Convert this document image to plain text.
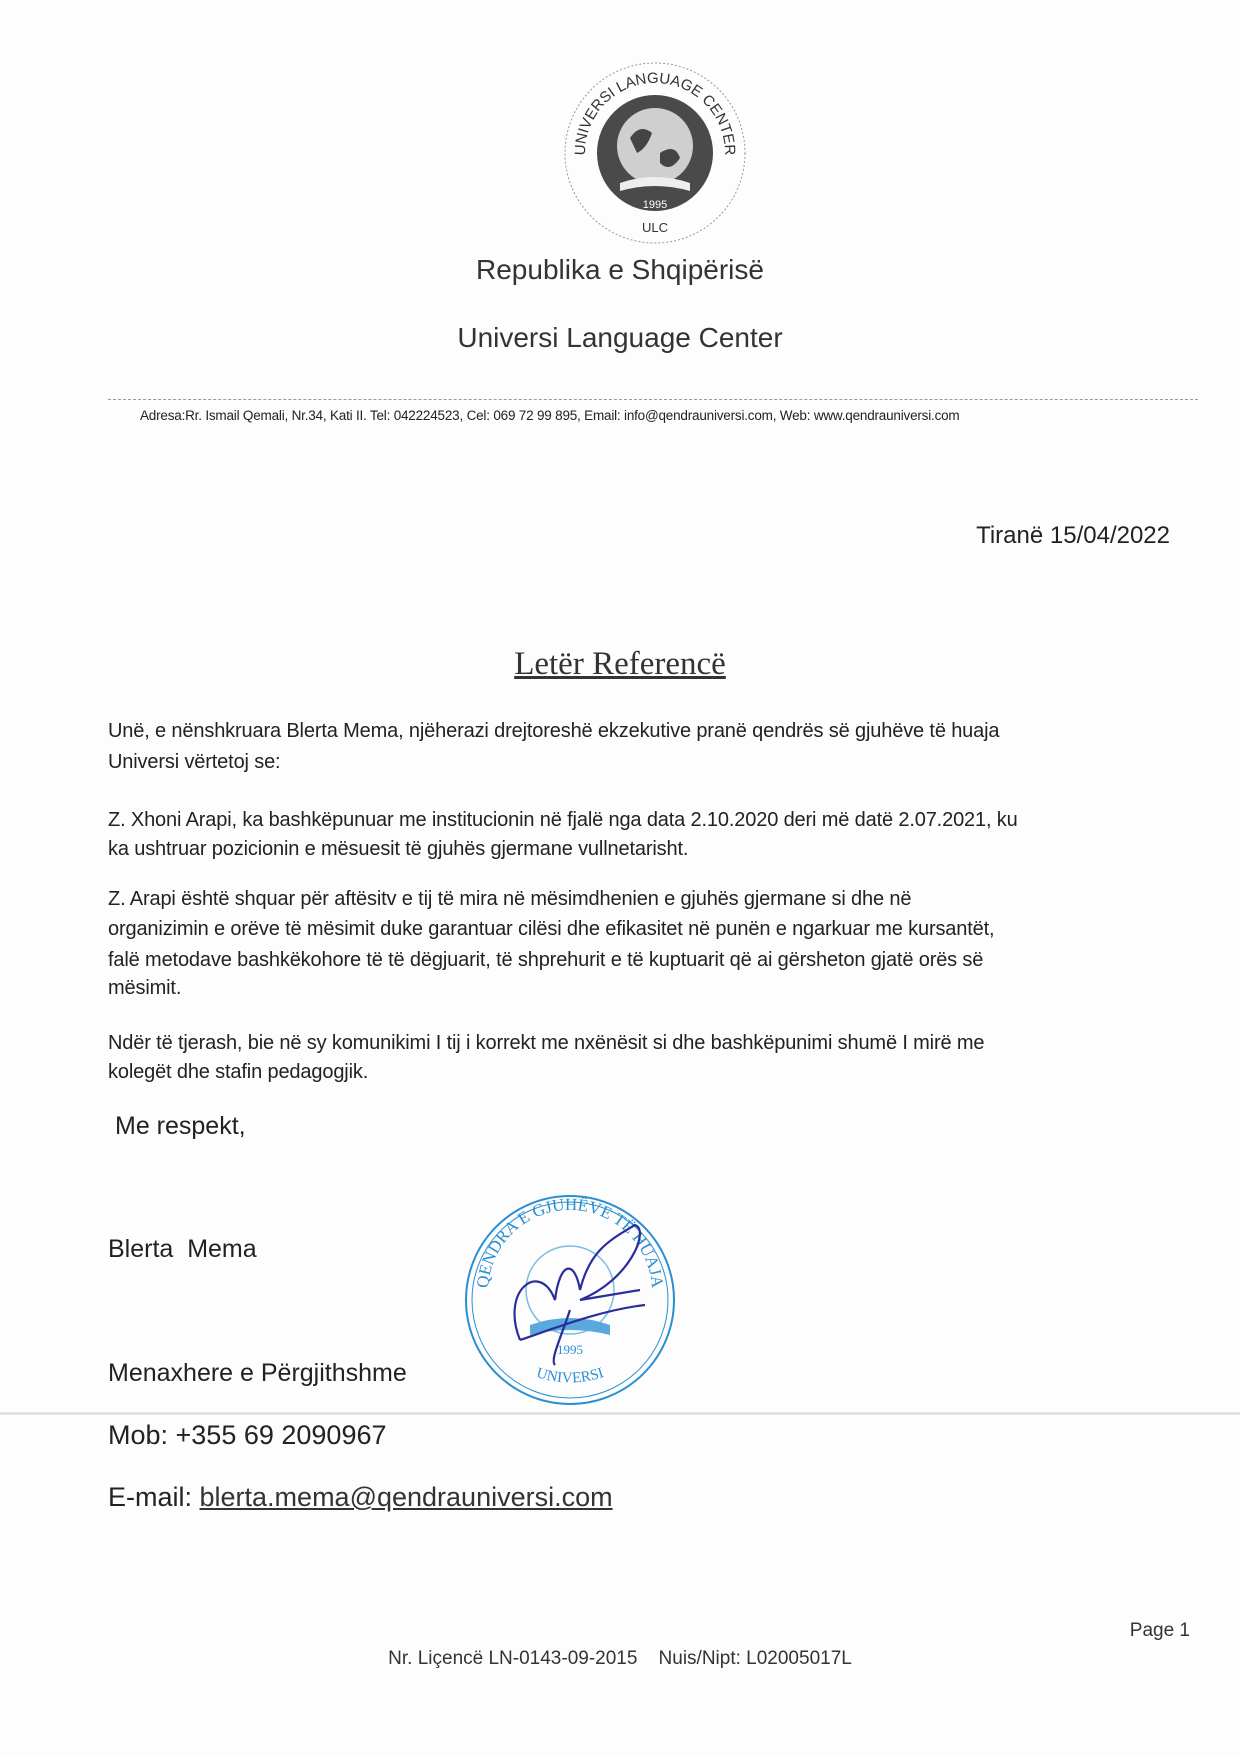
1995
UNIVERSI LANGUAGE CENTER
ULC
Republika e Shqipërisë
Universi Language Center
Adresa:Rr. Ismail Qemali, Nr.34, Kati II. Tel: 042224523, Cel: 069 72 99 895, Email: info@qendrauniversi.com, Web: www.qendrauniversi.com
Tiranë 15/04/2022
Letër Referencë
Unë, e nënshkruara Blerta Mema, njëherazi drejtoreshë ekzekutive pranë qendrës së gjuhëve të huaja
Universi vërtetoj se:
Z. Xhoni Arapi, ka bashkëpunuar me institucionin në fjalë nga data 2.10.2020 deri më datë 2.07.2021, ku
ka ushtruar pozicionin e mësuesit të gjuhës gjermane vullnetarisht.
Z. Arapi është shquar për aftësitv e tij të mira në mësimdhenien e gjuhës gjermane si dhe në
organizimin e orëve të mësimit duke garantuar cilësi dhe efikasitet në punën e ngarkuar me kursantët,
falë metodave bashkëkohore të të dëgjuarit, të shprehurit e të kuptuarit që ai gërsheton gjatë orës së
mësimit.
Ndër të tjerash, bie në sy komunikimi I tij i korrekt me nxënësit si dhe bashkëpunimi shumë I mirë me
kolegët dhe stafin pedagogjik.
Me respekt,
Blerta  Mema
QENDRA E GJUHËVE TË HUAJA
UNIVERSI
1995
Menaxhere e Përgjithshme
Mob: +355 69 2090967
E-mail: blerta.mema@qendrauniversi.com
Page 1
Nr. Liçencë LN-0143-09-2015    Nuis/Nipt: L02005017L
